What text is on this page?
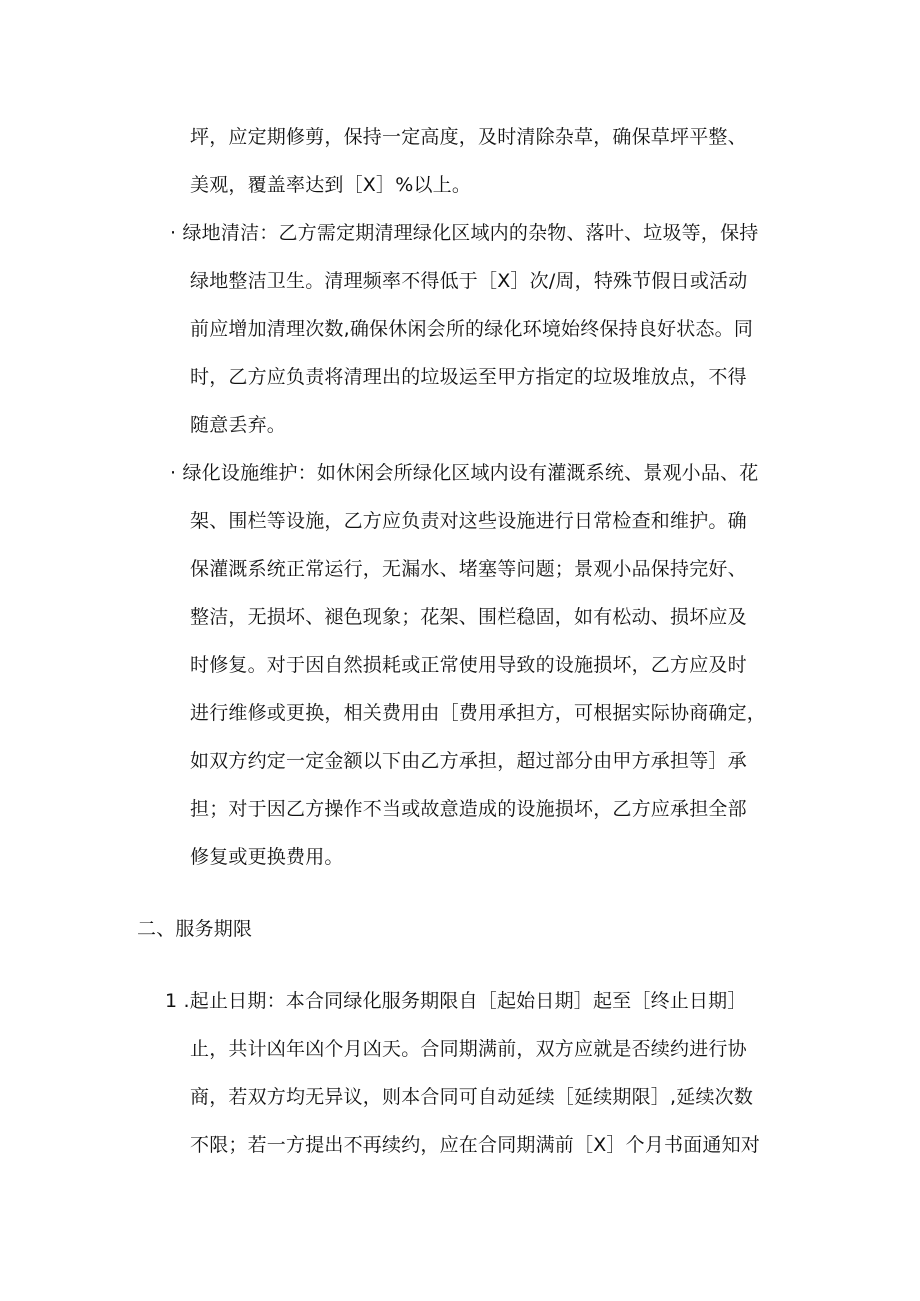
坪，应定期修剪，保持一定高度，及时清除杂草，确保草坪平整、
美观，覆盖率达到［X］%以上。
· 绿地清洁：乙方需定期清理绿化区域内的杂物、落叶、垃圾等，保持
绿地整洁卫生。清理频率不得低于［X］次/周，特殊节假日或活动
前应增加清理次数,确保休闲会所的绿化环境始终保持良好状态。同
时，乙方应负责将清理出的垃圾运至甲方指定的垃圾堆放点，不得
随意丢弃。
· 绿化设施维护：如休闲会所绿化区域内设有灌溉系统、景观小品、花
架、围栏等设施，乙方应负责对这些设施进行日常检查和维护。确
保灌溉系统正常运行，无漏水、堵塞等问题；景观小品保持完好、
整洁，无损坏、褪色现象；花架、围栏稳固，如有松动、损坏应及
时修复。对于因自然损耗或正常使用导致的设施损坏，乙方应及时
进行维修或更换，相关费用由［费用承担方，可根据实际协商确定，
如双方约定一定金额以下由乙方承担，超过部分由甲方承担等］承
担；对于因乙方操作不当或故意造成的设施损坏，乙方应承担全部
修复或更换费用。
二、服务期限
1 .起止日期：本合同绿化服务期限自［起始日期］起至［终止日期］
止，共计凶年凶个月凶天。合同期满前，双方应就是否续约进行协
商，若双方均无异议，则本合同可自动延续［延续期限］,延续次数
不限；若一方提出不再续约，应在合同期满前［X］个月书面通知对
